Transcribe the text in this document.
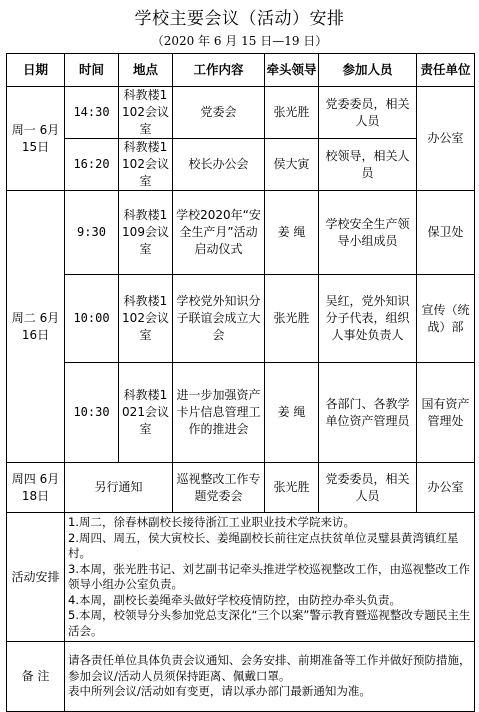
学校主要会议（活动）安排
（2020 年 6 月 15 日—19 日）
日期	时间	地点	工作内容	牵头领导	参加人员	责任单位
周一 6月15日	14:30	科教楼1102会议室	党委会	张光胜	党委委员，相关人员	办公室
	16:20	科教楼1102会议室	校长办公会	侯大寅	校领导，相关人员	
周二 6月16日	9:30	科教楼1109会议室	学校2020年“安全生产月”活动启动仪式	姜 绳	学校安全生产领导小组成员	保卫处
	10:00	科教楼1102会议室	学校党外知识分子联谊会成立大会	张光胜	吴红，党外知识分子代表，组织人事处负责人	宣传（统战）部
	10:30	科教楼1021会议室	进一步加强资产卡片信息管理工作的推进会	姜 绳	各部门、各教学单位资产管理员	国有资产管理处
周四 6月18日	另行通知		巡视整改工作专题党委会	张光胜	党委委员，相关人员	办公室
活动安排	1.周二，徐春林副校长接待浙江工业职业技术学院来访。
2.周四、周五，侯大寅校长、姜绳副校长前往定点扶贫单位灵璧县黄湾镇红星村。
3.本周，张光胜书记、刘艺副书记牵头推进学校巡视整改工作，由巡视整改工作领导小组办公室负责。
4.本周，副校长姜绳牵头做好学校疫情防控，由防控办牵头负责。
5.本周，校领导分头参加党总支深化“三个以案”警示教育暨巡视整改专题民主生活会。					

备 注	请各责任单位具体负责会议通知、会务安排、前期准备等工作并做好预防措施，参加会议/活动人员须保持距离、佩戴口罩。
表中所列会议/活动如有变更，请以承办部门最新通知为准。					
